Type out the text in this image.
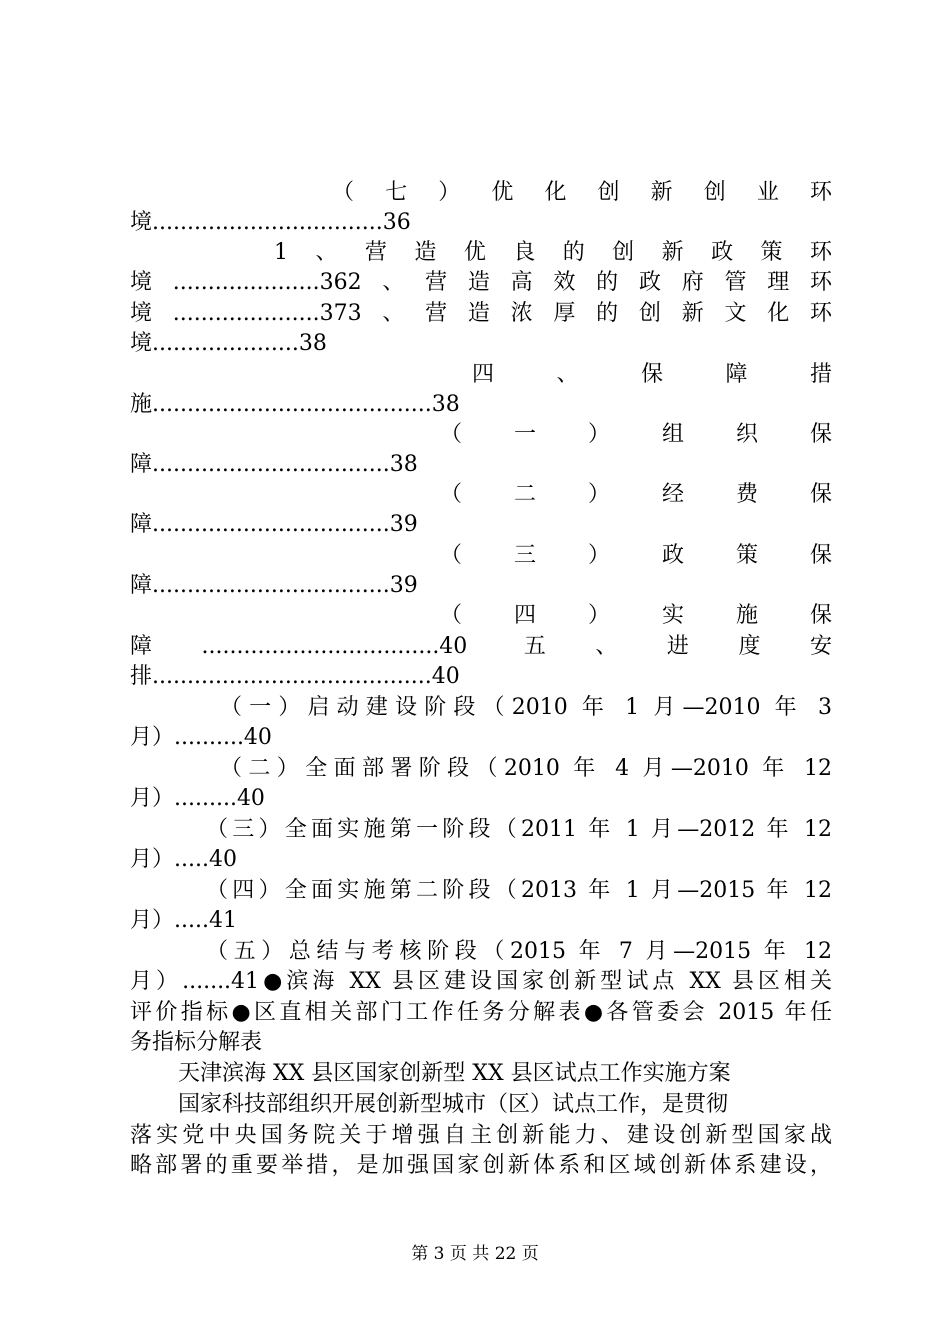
（七）优化创新创业环
境.................................36
1、营造优良的创新政策环
境.....................362、营造高效的政府管理环
境.....................373、营造浓厚的创新文化环
境.....................38
四、保障措
施........................................38
（一）组织保
障..................................38
（二）经费保
障..................................39
（三）政策保
障..................................39
（四）实施保
障..................................40 五、进度安
排........................................40
（一）启动建设阶段（2010 年 1 月—2010 年 3
月）..........40
（二）全面部署阶段（2010 年 4 月—2010 年 12
月）.........40
（三）全面实施第一阶段（2011 年 1 月—2012 年 12
月）.....40
（四）全面实施第二阶段（2013 年 1 月—2015 年 12
月）.....41
（五）总结与考核阶段（2015 年 7 月—2015 年 12
月）.......41●滨海 XX 县区建设国家创新型试点 XX 县区相关
评价指标●区直相关部门工作任务分解表●各管委会 2015 年任
务指标分解表
天津滨海 XX 县区国家创新型 XX 县区试点工作实施方案
国家科技部组织开展创新型城市（区）试点工作，是贯彻
落实党中央国务院关于增强自主创新能力、建设创新型国家战
略部署的重要举措，是加强国家创新体系和区域创新体系建设，
第 3 页 共 22 页
